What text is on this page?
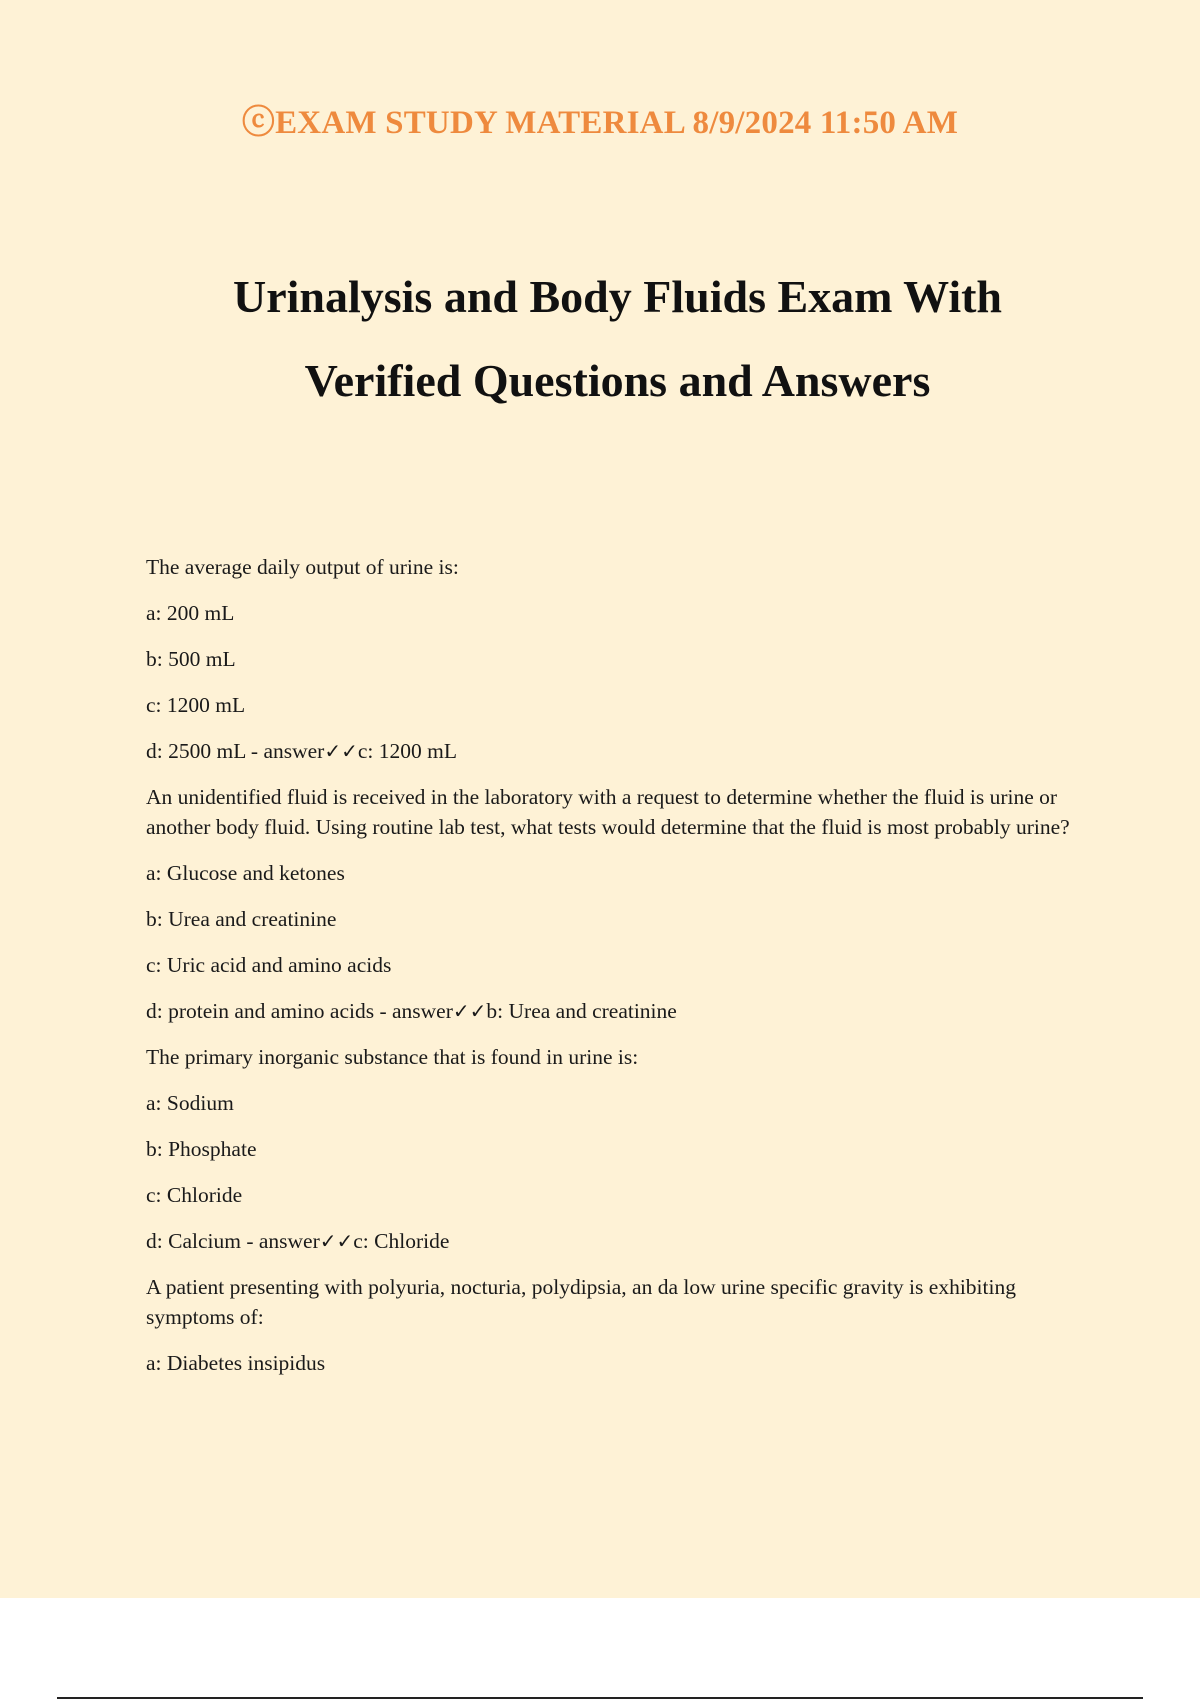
ⓒEXAM STUDY MATERIAL 8/9/2024 11:50 AM
Urinalysis and Body Fluids Exam With
Verified Questions and Answers

The average daily output of urine is:

a: 200 mL

b: 500 mL

c: 1200 mL

d: 2500 mL - answer✓✓c: 1200 mL

An unidentified fluid is received in the laboratory with a request to determine whether the fluid is urine or another body fluid. Using routine lab test, what tests would determine that the fluid is most probably urine?

a: Glucose and ketones

b: Urea and creatinine

c: Uric acid and amino acids

d: protein and amino acids - answer✓✓b: Urea and creatinine

The primary inorganic substance that is found in urine is:

a: Sodium

b: Phosphate

c: Chloride

d: Calcium - answer✓✓c: Chloride

A patient presenting with polyuria, nocturia, polydipsia, an da low urine specific gravity is exhibiting symptoms of:

a: Diabetes insipidus
